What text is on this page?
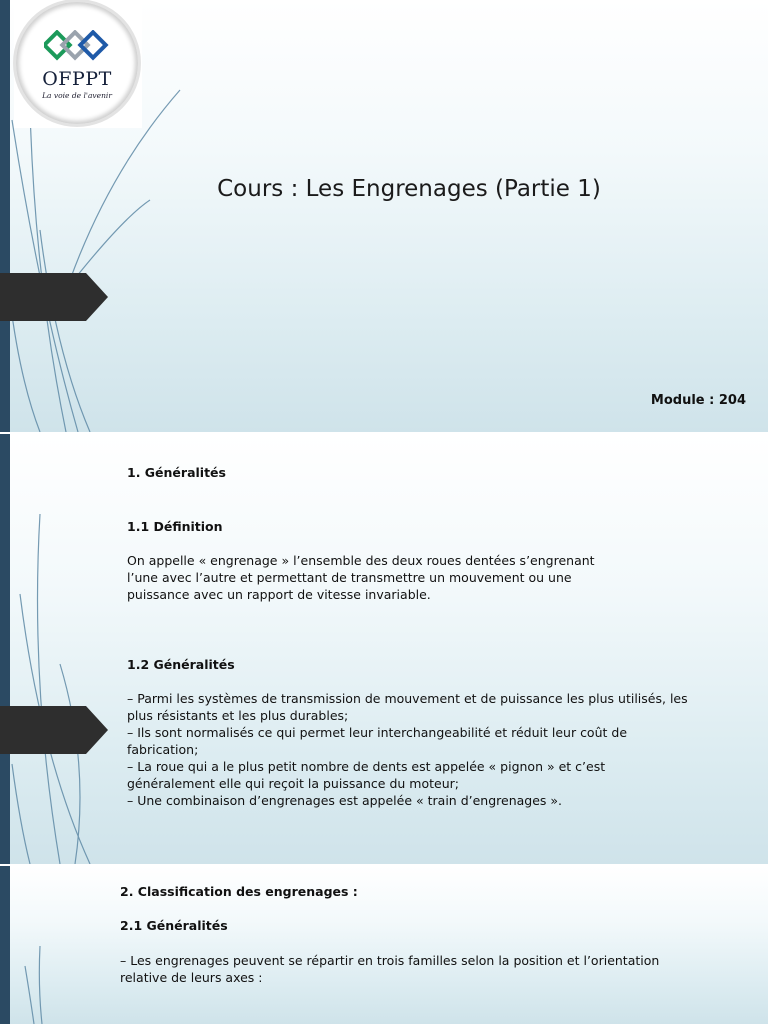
OFPPT
La voie de l'avenir
Cours : Les Engrenages (Partie 1)
Module : 204

1. Généralités

1.1 Définition

On appelle « engrenage » l’ensemble des deux roues dentées s’engrenant

l’une avec l’autre et permettant de transmettre un mouvement ou une

puissance avec un rapport de vitesse invariable.

1.2 Généralités

– Parmi les systèmes de transmission de mouvement et de puissance les plus utilisés, les

plus résistants et les plus durables;

– Ils sont normalisés ce qui permet leur interchangeabilité et réduit leur coût de

fabrication;

– La roue qui a le plus petit nombre de dents est appelée « pignon » et c’est

généralement elle qui reçoit la puissance du moteur;

– Une combinaison d’engrenages est appelée « train d’engrenages ».

2. Classification des engrenages :

2.1 Généralités

– Les engrenages peuvent se répartir en trois familles selon la position et l’orientation

relative de leurs axes :
